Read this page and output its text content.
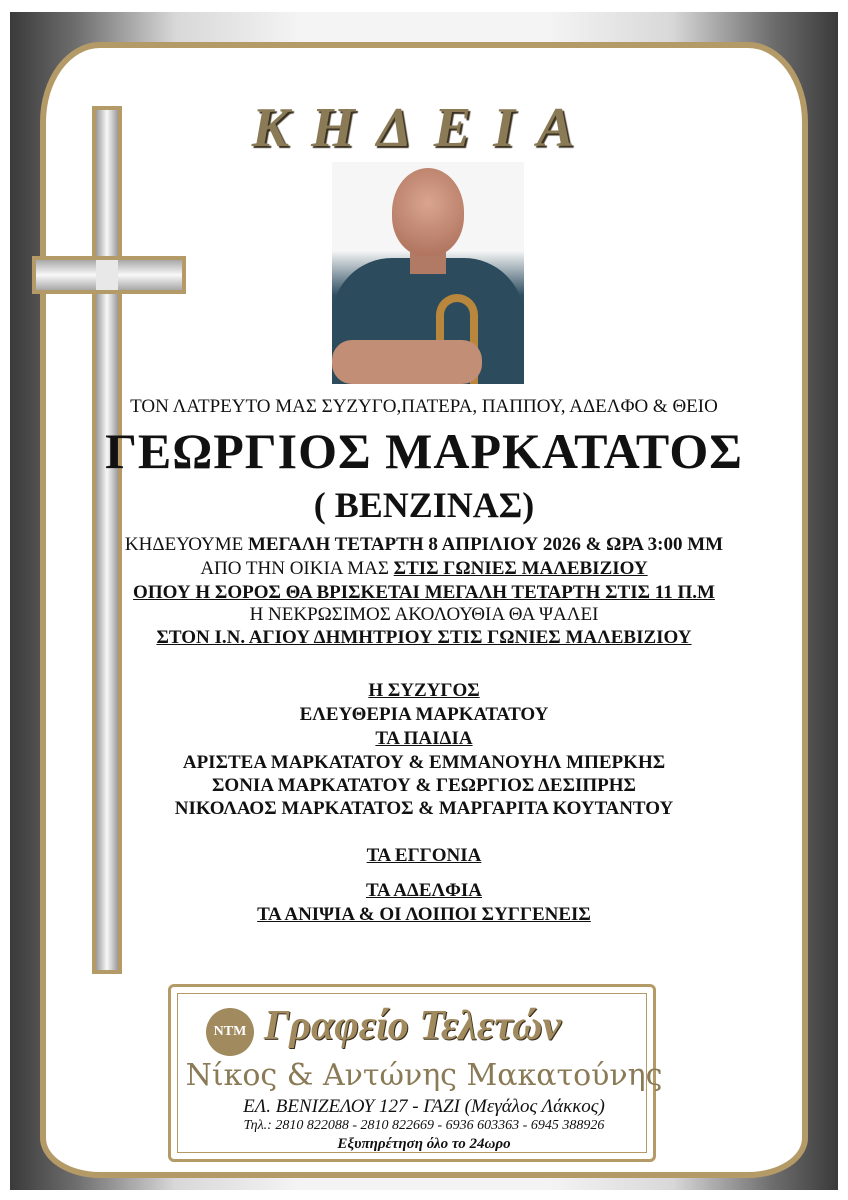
ΚΗΔΕΙΑ
ΤΟΝ ΛΑΤΡΕΥΤΟ ΜΑΣ ΣΥΖΥΓΟ,ΠΑΤΕΡΑ, ΠΑΠΠΟΥ, ΑΔΕΛΦΟ & ΘΕΙΟ
ΓΕΩΡΓΙΟΣ ΜΑΡΚΑΤΑΤΟΣ
( ΒΕΝΖΙΝΑΣ)
ΚΗΔΕΥΟΥΜΕ ΜΕΓΑΛΗ ΤΕΤΑΡΤΗ 8 ΑΠΡΙΛΙΟΥ 2026 & ΩΡΑ 3:00 ΜΜ
ΑΠΟ ΤΗΝ ΟΙΚΙΑ ΜΑΣ ΣΤΙΣ ΓΩΝΙΕΣ ΜΑΛΕΒΙΖΙΟΥ
ΟΠΟΥ Η ΣΟΡΟΣ ΘΑ ΒΡΙΣΚΕΤΑΙ ΜΕΓΑΛΗ ΤΕΤΑΡΤΗ ΣΤΙΣ 11 Π.Μ
Η ΝΕΚΡΩΣΙΜΟΣ ΑΚΟΛΟΥΘΙΑ ΘΑ ΨΑΛΕΙ
ΣΤΟΝ Ι.Ν. ΑΓΙΟΥ ΔΗΜΗΤΡΙΟΥ ΣΤΙΣ ΓΩΝΙΕΣ ΜΑΛΕΒΙΖΙΟΥ
Η ΣΥΖΥΓΟΣ
ΕΛΕΥΘΕΡΙΑ ΜΑΡΚΑΤΑΤΟΥ
ΤΑ ΠΑΙΔΙΑ
ΑΡΙΣΤΕΑ ΜΑΡΚΑΤΑΤΟΥ & ΕΜΜΑΝΟΥΗΛ ΜΠΕΡΚΗΣ
ΣΟΝΙΑ ΜΑΡΚΑΤΑΤΟΥ & ΓΕΩΡΓΙΟΣ ΔΕΣΙΠΡΗΣ
ΝΙΚΟΛΑΟΣ ΜΑΡΚΑΤΑΤΟΣ & ΜΑΡΓΑΡΙΤΑ ΚΟΥΤΑΝΤΟΥ
ΤΑ ΕΓΓΟΝΙΑ
ΤΑ ΑΔΕΛΦΙΑ
ΤΑ ΑΝΙΨΙΑ & ΟΙ ΛΟΙΠΟΙ ΣΥΓΓΕΝΕΙΣ
ΝΤΜ Γραφείο Τελετών
Νίκος & Αντώνης Μακατούνης
ΕΛ. ΒΕΝΙΖΕΛΟΥ 127 - ΓΑΖΙ (Μεγάλος Λάκκος)
Τηλ.: 2810 822088 - 2810 822669 - 6936 603363 - 6945 388926
Εξυπηρέτηση όλο το 24ωρο
